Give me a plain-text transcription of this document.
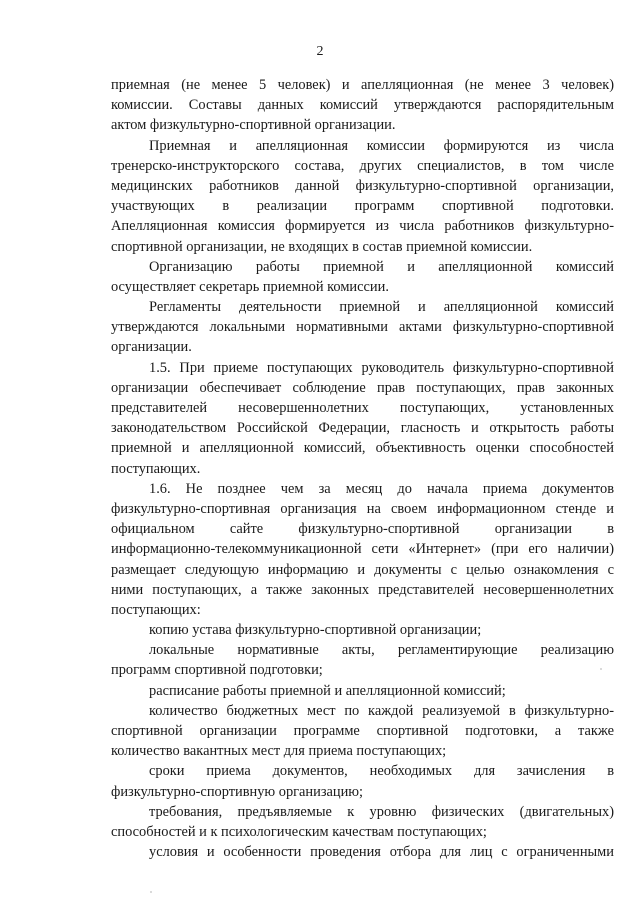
2
приемная (не менее 5 человек) и апелляционная (не менее 3 человек)
комиссии. Составы данных комиссий утверждаются распорядительным
актом физкультурно-спортивной организации.
Приемная и апелляционная комиссии формируются из числа
тренерско-инструкторского состава, других специалистов, в том числе
медицинских работников данной физкультурно-спортивной организации,
участвующих в реализации программ спортивной подготовки.
Апелляционная комиссия формируется из числа работников физкультурно-
спортивной организации, не входящих в состав приемной комиссии.
Организацию работы приемной и апелляционной комиссий
осуществляет секретарь приемной комиссии.
Регламенты деятельности приемной и апелляционной комиссий
утверждаются локальными нормативными актами физкультурно-спортивной
организации.
1.5. При приеме поступающих руководитель физкультурно-спортивной
организации обеспечивает соблюдение прав поступающих, прав законных
представителей несовершеннолетних поступающих, установленных
законодательством Российской Федерации, гласность и открытость работы
приемной и апелляционной комиссий, объективность оценки способностей
поступающих.
1.6. Не позднее чем за месяц до начала приема документов
физкультурно-спортивная организация на своем информационном стенде и
официальном сайте физкультурно-спортивной организации в
информационно-телекоммуникационной сети «Интернет» (при его наличии)
размещает следующую информацию и документы с целью ознакомления с
ними поступающих, а также законных представителей несовершеннолетних
поступающих:
копию устава физкультурно-спортивной организации;
локальные нормативные акты, регламентирующие реализацию
программ спортивной подготовки;
расписание работы приемной и апелляционной комиссий;
количество бюджетных мест по каждой реализуемой в физкультурно-
спортивной организации программе спортивной подготовки, а также
количество вакантных мест для приема поступающих;
сроки приема документов, необходимых для зачисления в
физкультурно-спортивную организацию;
требования, предъявляемые к уровню физических (двигательных)
способностей и к психологическим качествам поступающих;
условия и особенности проведения отбора для лиц с ограниченными
